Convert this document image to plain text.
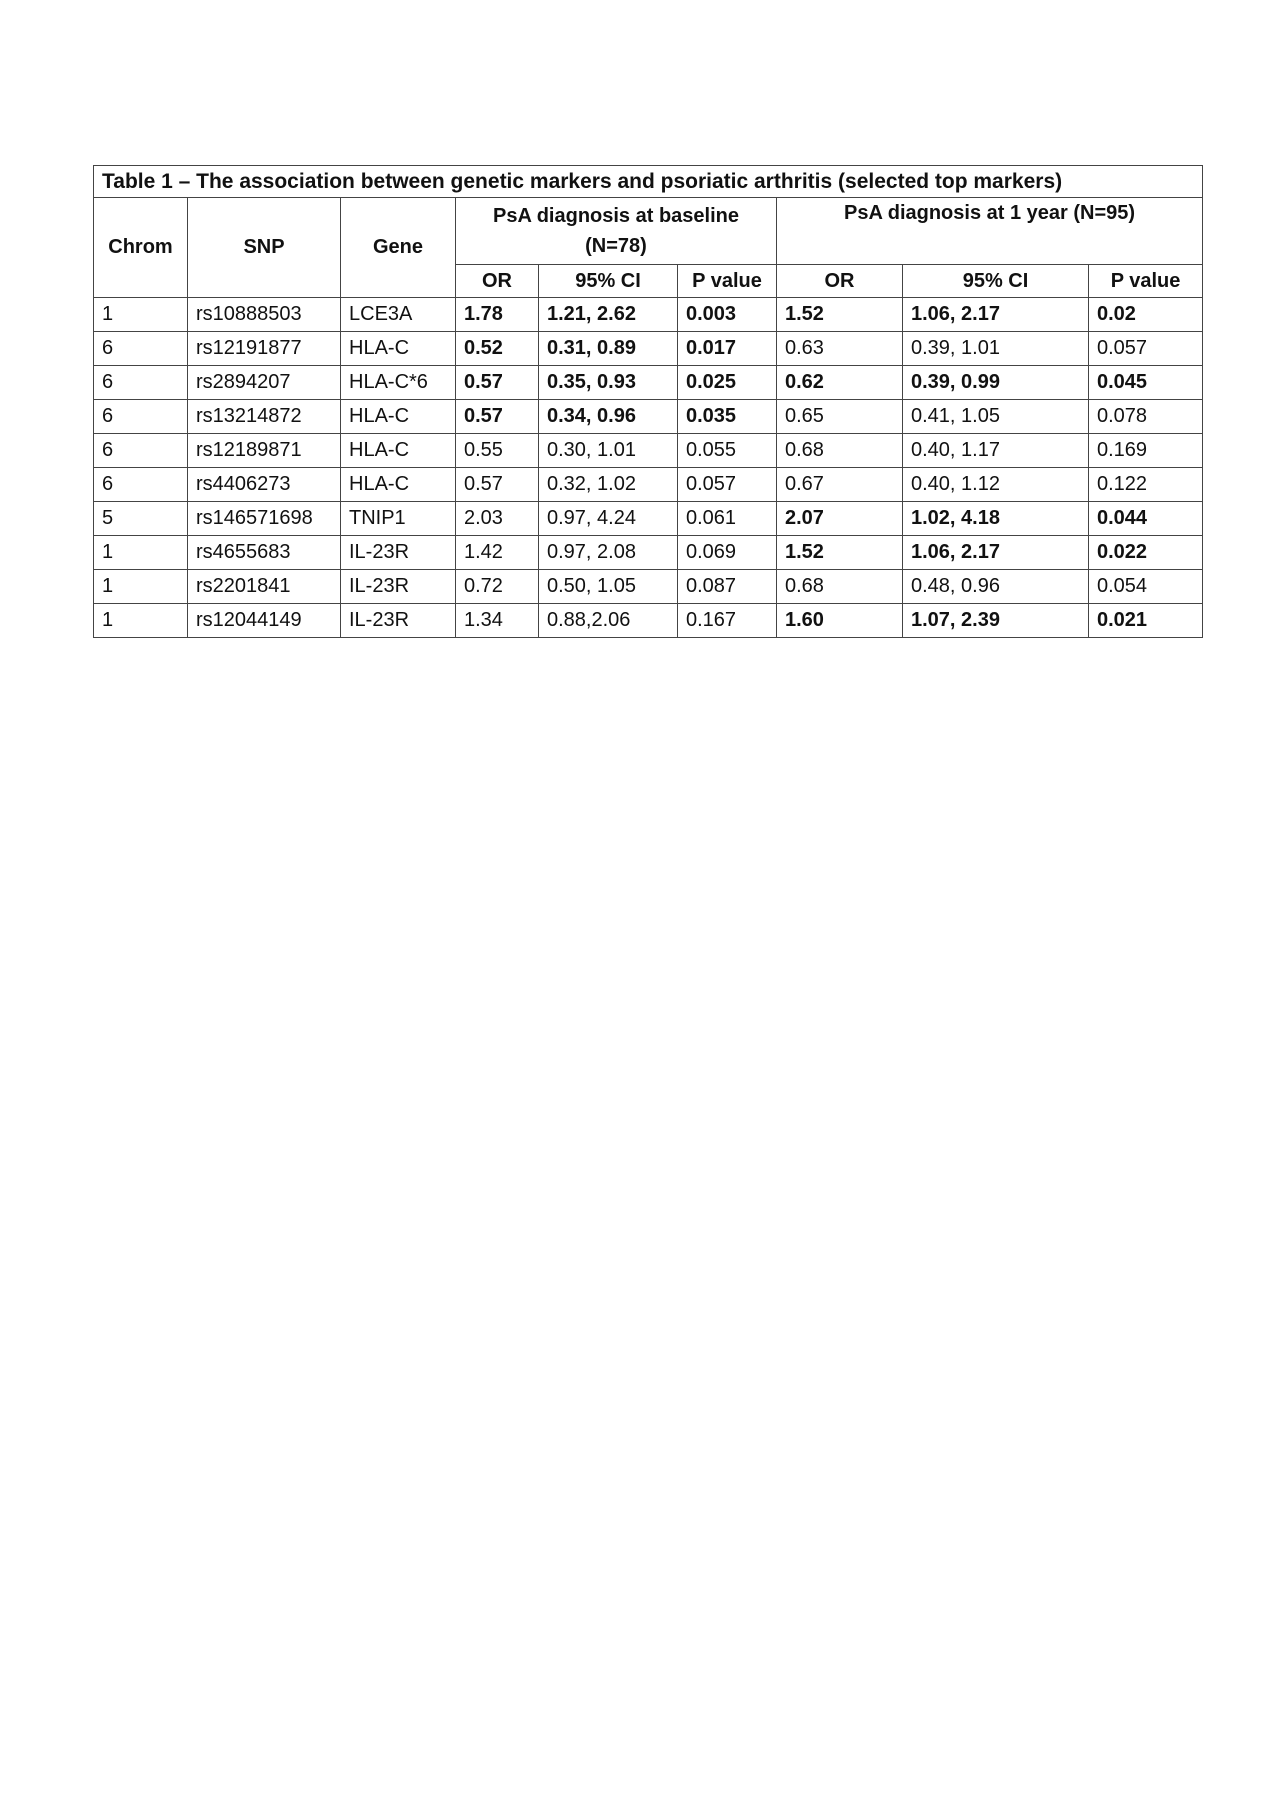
Table 1 – The association between genetic markers and psoriatic arthritis (selected top markers)								
Chrom	SNP	Gene	PsA diagnosis at baseline (N=78)			PsA diagnosis at 1 year (N=95)		
			OR	95% CI	P value	OR	95% CI	P value
1	rs10888503	LCE3A	1.78	1.21, 2.62	0.003	1.52	1.06, 2.17	0.02
6	rs12191877	HLA-C	0.52	0.31, 0.89	0.017	0.63	0.39, 1.01	0.057
6	rs2894207	HLA-C*6	0.57	0.35, 0.93	0.025	0.62	0.39, 0.99	0.045
6	rs13214872	HLA-C	0.57	0.34, 0.96	0.035	0.65	0.41, 1.05	0.078
6	rs12189871	HLA-C	0.55	0.30, 1.01	0.055	0.68	0.40, 1.17	0.169
6	rs4406273	HLA-C	0.57	0.32, 1.02	0.057	0.67	0.40, 1.12	0.122
5	rs146571698	TNIP1	2.03	0.97, 4.24	0.061	2.07	1.02, 4.18	0.044
1	rs4655683	IL-23R	1.42	0.97, 2.08	0.069	1.52	1.06, 2.17	0.022
1	rs2201841	IL-23R	0.72	0.50, 1.05	0.087	0.68	0.48, 0.96	0.054
1	rs12044149	IL-23R	1.34	0.88,2.06	0.167	1.60	1.07, 2.39	0.021
